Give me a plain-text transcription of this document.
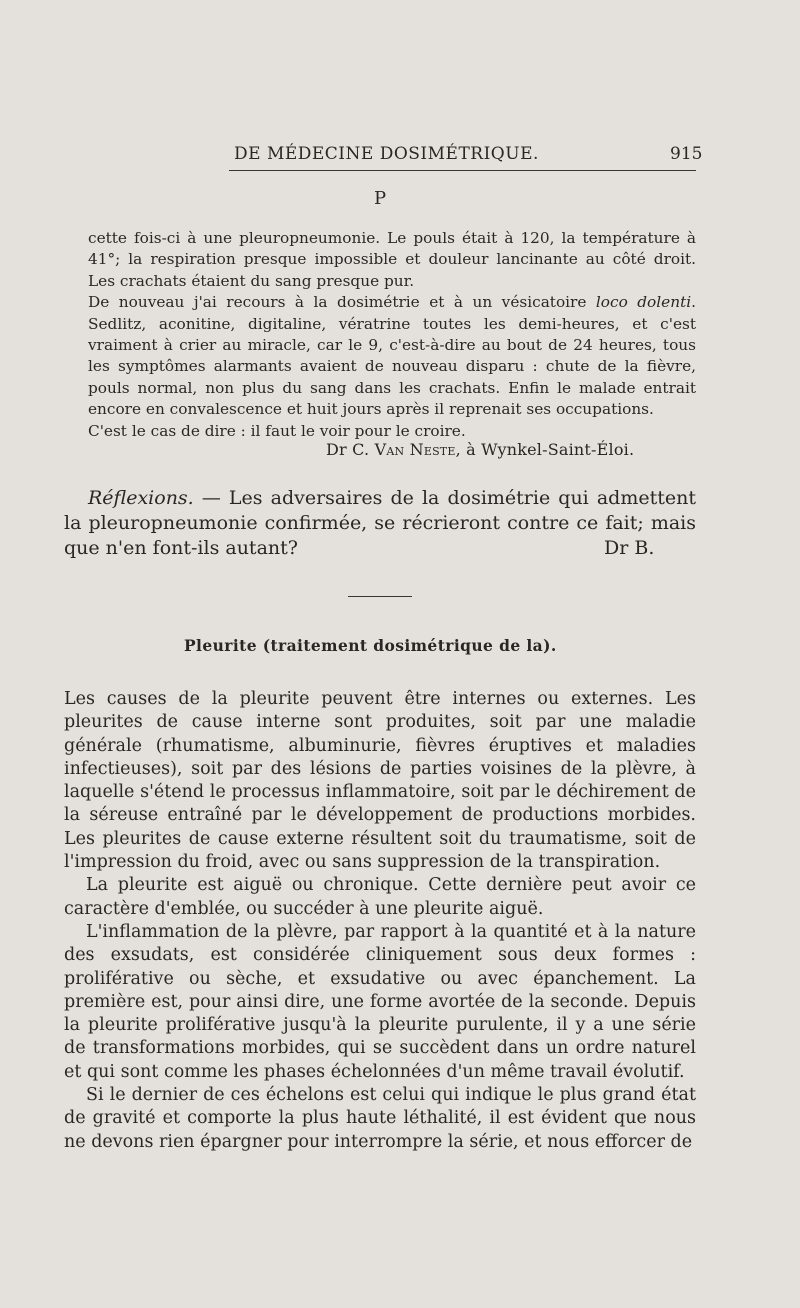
DE MÉDECINE DOSIMÉTRIQUE.	915
P

cette fois-ci à une pleuropneumonie. Le pouls était à 120, la température à 41°; la respiration presque impossible et douleur lancinante au côté droit. Les crachats étaient du sang presque pur.

De nouveau j'ai recours à la dosimétrie et à un vésicatoire loco dolenti. Sedlitz, aconitine, digitaline, vératrine toutes les demi-heures, et c'est vraiment à crier au miracle, car le 9, c'est-à-dire au bout de 24 heures, tous les symptômes alarmants avaient de nouveau disparu : chute de la fièvre, pouls normal, non plus du sang dans les crachats. Enfin le malade entrait encore en convalescence et huit jours après il reprenait ses occupations.

C'est le cas de dire : il faut le voir pour le croire.

Dr C. Van Neste, à Wynkel-Saint-Éloi.

Réflexions. — Les adversaires de la dosimétrie qui admettent la pleuropneumonie confirmée, se récrieront contre ce fait; mais que n'en font-ils autant?	Dr B.
Pleurite (traitement dosimétrique de la).

Les causes de la pleurite peuvent être internes ou externes. Les pleurites de cause interne sont produites, soit par une maladie générale (rhumatisme, albuminurie, fièvres éruptives et maladies infectieuses), soit par des lésions de parties voisines de la plèvre, à laquelle s'étend le processus inflammatoire, soit par le déchirement de la séreuse entraîné par le développement de productions morbides. Les pleurites de cause externe résultent soit du traumatisme, soit de l'impression du froid, avec ou sans suppression de la transpiration.

La pleurite est aiguë ou chronique. Cette dernière peut avoir ce caractère d'emblée, ou succéder à une pleurite aiguë.

L'inflammation de la plèvre, par rapport à la quantité et à la nature des exsudats, est considérée cliniquement sous deux formes : proliférative ou sèche, et exsudative ou avec épanchement. La première est, pour ainsi dire, une forme avortée de la seconde. Depuis la pleurite proliférative jusqu'à la pleurite purulente, il y a une série de transformations morbides, qui se succèdent dans un ordre naturel et qui sont comme les phases échelonnées d'un même travail évolutif.

Si le dernier de ces échelons est celui qui indique le plus grand état de gravité et comporte la plus haute léthalité, il est évident que nous ne devons rien épargner pour interrompre la série, et nous efforcer de
